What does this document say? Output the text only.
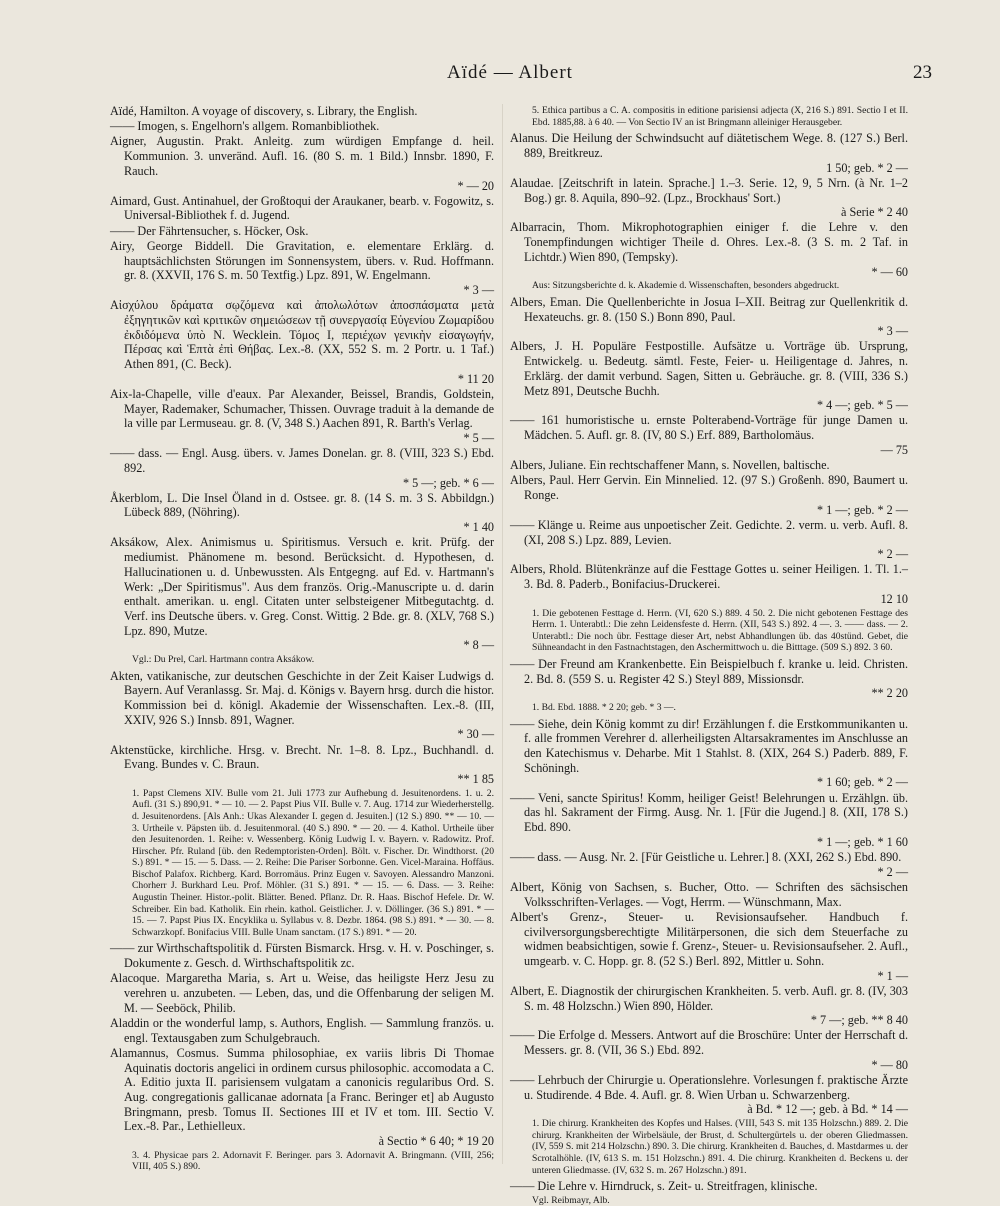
Aïdé — Albert	23
Aïdé, Hamilton. A voyage of discovery, s. Library, the English.
—— Imogen, s. Engelhorn's allgem. Romanbibliothek.
Aigner, Augustin. Prakt. Anleitg. zum würdigen Empfange d. heil. Kommunion. 3. unveränd. Aufl. 16. (80 S. m. 1 Bild.) Innsbr. 1890, F. Rauch.
* — 20
Aimard, Gust. Antinahuel, der Großtoqui der Araukaner, bearb. v. Fogowitz, s. Universal-Bibliothek f. d. Jugend.
—— Der Fährtensucher, s. Höcker, Osk.
Airy, George Biddell. Die Gravitation, e. elementare Erklärg. d. hauptsächlichsten Störungen im Sonnensystem, übers. v. Rud. Hoffmann. gr. 8. (XXVII, 176 S. m. 50 Textfig.) Lpz. 891, W. Engelmann.
* 3 —
Αἰσχύλου δράματα σῳζόμενα καὶ ἀπολωλότων ἀποσπάσματα μετὰ ἐξηγητικῶν καὶ κριτικῶν σημειώσεων τῇ συνεργασίᾳ Εὐγενίου Ζωμαρίδου ἐκδιδόμενα ὑπὸ N. Wecklein. Τόμος I, περιέχων γενικὴν εἰσαγωγήν, Πέρσας καὶ Ἑπτὰ ἐπὶ Θήβας. Lex.-8. (XX, 552 S. m. 2 Portr. u. 1 Taf.) Athen 891, (C. Beck).
* 11 20
Aix-la-Chapelle, ville d'eaux. Par Alexander, Beissel, Brandis, Goldstein, Mayer, Rademaker, Schumacher, Thissen. Ouvrage traduit à la demande de la ville par Lermuseau. gr. 8. (V, 348 S.) Aachen 891, R. Barth's Verlag.
* 5 —
—— dass. — Engl. Ausg. übers. v. James Donelan. gr. 8. (VIII, 323 S.) Ebd. 892.
* 5 —; geb. * 6 —
Åkerblom, L. Die Insel Öland in d. Ostsee. gr. 8. (14 S. m. 3 S. Abbildgn.) Lübeck 889, (Nöhring).
* 1 40
Aksákow, Alex. Animismus u. Spiritismus. Versuch e. krit. Prüfg. der mediumist. Phänomene m. besond. Berücksicht. d. Hypothesen, d. Hallucinationen u. d. Unbewussten. Als Entgegng. auf Ed. v. Hartmann's Werk: „Der Spiritismus". Aus dem französ. Orig.-Manuscripte u. d. darin enthalt. amerikan. u. engl. Citaten unter selbsteigener Mitbegutachtg. d. Verf. ins Deutsche übers. v. Greg. Const. Wittig. 2 Bde. gr. 8. (XLV, 768 S.) Lpz. 890, Mutze.
* 8 —
Vgl.: Du Prel, Carl. Hartmann contra Aksákow.
Akten, vatikanische, zur deutschen Geschichte in der Zeit Kaiser Ludwigs d. Bayern. Auf Veranlassg. Sr. Maj. d. Königs v. Bayern hrsg. durch die histor. Kommission bei d. königl. Akademie der Wissenschaften. Lex.-8. (III, XXIV, 926 S.) Innsb. 891, Wagner.
* 30 —
Aktenstücke, kirchliche. Hrsg. v. Brecht. Nr. 1–8. 8. Lpz., Buchhandl. d. Evang. Bundes v. C. Braun.
** 1 85
1. Papst Clemens XIV. Bulle vom 21. Juli 1773 zur Aufhebung d. Jesuitenordens. 1. u. 2. Aufl. (31 S.) 890,91. * — 10. — 2. Papst Pius VII. Bulle v. 7. Aug. 1714 zur Wiederherstellg. d. Jesuitenordens. [Als Anh.: Ukas Alexander I. gegen d. Jesuiten.] (12 S.) 890. ** — 10. — 3. Urtheile v. Päpsten üb. d. Jesuitenmoral. (40 S.) 890. * — 20. — 4. Kathol. Urtheile über den Jesuitenorden. 1. Reihe: v. Wessenberg. König Ludwig I. v. Bayern. v. Radowitz. Prof. Hirscher. Pfr. Ruland [üb. den Redemptoristen-Orden]. Bölt. v. Fischer. Dr. Windthorst. (20 S.) 891. * — 15. — 5. Dass. — 2. Reihe: Die Pariser Sorbonne. Gen. Vicel-Maraina. Hoffäus. Bischof Palafox. Richberg. Kard. Borromäus. Prinz Eugen v. Savoyen. Alessandro Manzoni. Chorherr J. Burkhard Leu. Prof. Möhler. (31 S.) 891. * — 15. — 6. Dass. — 3. Reihe: Augustin Theiner. Histor.-polit. Blätter. Bened. Pflanz. Dr. R. Haas. Bischof Hefele. Dr. W. Schreiber. Ein bad. Katholik. Ein rhein. kathol. Geistlicher. J. v. Döllinger. (36 S.) 891. * — 15. — 7. Papst Pius IX. Encyklika u. Syllabus v. 8. Dezbr. 1864. (98 S.) 891. * — 30. — 8. Schwarzkopf. Bonifacius VIII. Bulle Unam sanctam. (17 S.) 891. * — 20.
—— zur Wirthschaftspolitik d. Fürsten Bismarck. Hrsg. v. H. v. Poschinger, s. Dokumente z. Gesch. d. Wirthschaftspolitik zc.
Alacoque. Margaretha Maria, s. Art u. Weise, das heiligste Herz Jesu zu verehren u. anzubeten. — Leben, das, und die Offenbarung der seligen M. M. — Seeböck, Philib.
Aladdin or the wonderful lamp, s. Authors, English. — Sammlung französ. u. engl. Textausgaben zum Schulgebrauch.
Alamannus, Cosmus. Summa philosophiae, ex variis libris Di Thomae Aquinatis doctoris angelici in ordinem cursus philosophic. accomodata a C. A. Editio juxta II. parisiensem vulgatam a canonicis regularibus Ord. S. Aug. congregationis gallicanae adornata [a Franc. Beringer et] ab Augusto Bringmann, presb. Tomus II. Sectiones III et IV et tom. III. Sectio V. Lex.-8. Par., Lethielleux.
à Sectio * 6 40; * 19 20
3. 4. Physicae pars 2. Adornavit F. Beringer. pars 3. Adornavit A. Bringmann. (VIII, 256; VIII, 405 S.) 890.
5. Ethica partibus a C. A. compositis in editione parisiensi adjecta (X, 216 S.) 891. Sectio I et II. Ebd. 1885,88. à 6 40. — Von Sectio IV an ist Bringmann alleiniger Herausgeber.
Alanus. Die Heilung der Schwindsucht auf diätetischem Wege. 8. (127 S.) Berl. 889, Breitkreuz.
1 50; geb. * 2 —
Alaudae. [Zeitschrift in latein. Sprache.] 1.–3. Serie. 12, 9, 5 Nrn. (à Nr. 1–2 Bog.) gr. 8. Aquila, 890–92. (Lpz., Brockhaus' Sort.)
à Serie * 2 40
Albarracin, Thom. Mikrophotographien einiger f. die Lehre v. den Tonempfindungen wichtiger Theile d. Ohres. Lex.-8. (3 S. m. 2 Taf. in Lichtdr.) Wien 890, (Tempsky).
* — 60
Aus: Sitzungsberichte d. k. Akademie d. Wissenschaften, besonders abgedruckt.
Albers, Eman. Die Quellenberichte in Josua I–XII. Beitrag zur Quellenkritik d. Hexateuchs. gr. 8. (150 S.) Bonn 890, Paul.
* 3 —
Albers, J. H. Populäre Festpostille. Aufsätze u. Vorträge üb. Ursprung, Entwickelg. u. Bedeutg. sämtl. Feste, Feier- u. Heiligentage d. Jahres, n. Erklärg. der damit verbund. Sagen, Sitten u. Gebräuche. gr. 8. (VIII, 336 S.) Metz 891, Deutsche Buchh.
* 4 —; geb. * 5 —
—— 161 humoristische u. ernste Polterabend-Vorträge für junge Damen u. Mädchen. 5. Aufl. gr. 8. (IV, 80 S.) Erf. 889, Bartholomäus.
— 75
Albers, Juliane. Ein rechtschaffener Mann, s. Novellen, baltische.
Albers, Paul. Herr Gervin. Ein Minnelied. 12. (97 S.) Großenh. 890, Baumert u. Ronge.
* 1 —; geb. * 2 —
—— Klänge u. Reime aus unpoetischer Zeit. Gedichte. 2. verm. u. verb. Aufl. 8. (XI, 208 S.) Lpz. 889, Levien.
* 2 —
Albers, Rhold. Blütenkränze auf die Festtage Gottes u. seiner Heiligen. 1. Tl. 1.–3. Bd. 8. Paderb., Bonifacius-Druckerei.
12 10
1. Die gebotenen Festtage d. Herrn. (VI, 620 S.) 889. 4 50. 2. Die nicht gebotenen Festtage des Herrn. 1. Unterabtl.: Die zehn Leidensfeste d. Herrn. (XII, 543 S.) 892. 4 —. 3. —— dass. — 2. Unterabtl.: Die noch übr. Festtage dieser Art, nebst Abhandlungen üb. das 40stünd. Gebet, die Sühneandacht in den Fastnachtstagen, den Aschermittwoch u. die Bitttage. (509 S.) 892. 3 60.
—— Der Freund am Krankenbette. Ein Beispielbuch f. kranke u. leid. Christen. 2. Bd. 8. (559 S. u. Register 42 S.) Steyl 889, Missionsdr.
** 2 20
1. Bd. Ebd. 1888. * 2 20; geb. * 3 —.
—— Siehe, dein König kommt zu dir! Erzählungen f. die Erstkommunikanten u. f. alle frommen Verehrer d. allerheiligsten Altarsakramentes im Anschlusse an den Katechismus v. Deharbe. Mit 1 Stahlst. 8. (XIX, 264 S.) Paderb. 889, F. Schöningh.
* 1 60; geb. * 2 —
—— Veni, sancte Spiritus! Komm, heiliger Geist! Belehrungen u. Erzählgn. üb. das hl. Sakrament der Firmg. Ausg. Nr. 1. [Für die Jugend.] 8. (XII, 178 S.) Ebd. 890.
* 1 —; geb. * 1 60
—— dass. — Ausg. Nr. 2. [Für Geistliche u. Lehrer.] 8. (XXI, 262 S.) Ebd. 890.
* 2 —
Albert, König von Sachsen, s. Bucher, Otto. — Schriften des sächsischen Volksschriften-Verlages. — Vogt, Herrm. — Wünschmann, Max.
Albert's Grenz-, Steuer- u. Revisionsaufseher. Handbuch f. civilversorgungsberechtigte Militärpersonen, die sich dem Steuerfache zu widmen beabsichtigen, sowie f. Grenz-, Steuer- u. Revisionsaufseher. 2. Aufl., umgearb. v. C. Hopp. gr. 8. (52 S.) Berl. 892, Mittler u. Sohn.
* 1 —
Albert, E. Diagnostik der chirurgischen Krankheiten. 5. verb. Aufl. gr. 8. (IV, 303 S. m. 48 Holzschn.) Wien 890, Hölder.
* 7 —; geb. ** 8 40
—— Die Erfolge d. Messers. Antwort auf die Broschüre: Unter der Herrschaft d. Messers. gr. 8. (VII, 36 S.) Ebd. 892.
* — 80
—— Lehrbuch der Chirurgie u. Operationslehre. Vorlesungen f. praktische Ärzte u. Studirende. 4 Bde. 4. Aufl. gr. 8. Wien Urban u. Schwarzenberg.
à Bd. * 12 —; geb. à Bd. * 14 —
1. Die chirurg. Krankheiten des Kopfes und Halses. (VIII, 543 S. mit 135 Holzschn.) 889. 2. Die chirurg. Krankheiten der Wirbelsäule, der Brust, d. Schultergürtels u. der oberen Gliedmassen. (IV, 559 S. mit 214 Holzschn.) 890. 3. Die chirurg. Krankheiten d. Bauches, d. Mastdarmes u. der Scrotalhöhle. (IV, 613 S. m. 151 Holzschn.) 891. 4. Die chirurg. Krankheiten d. Beckens u. der unteren Gliedmasse. (IV, 632 S. m. 267 Holzschn.) 891.
—— Die Lehre v. Hirndruck, s. Zeit- u. Streitfragen, klinische.
Vgl. Reibmayr, Alb.
